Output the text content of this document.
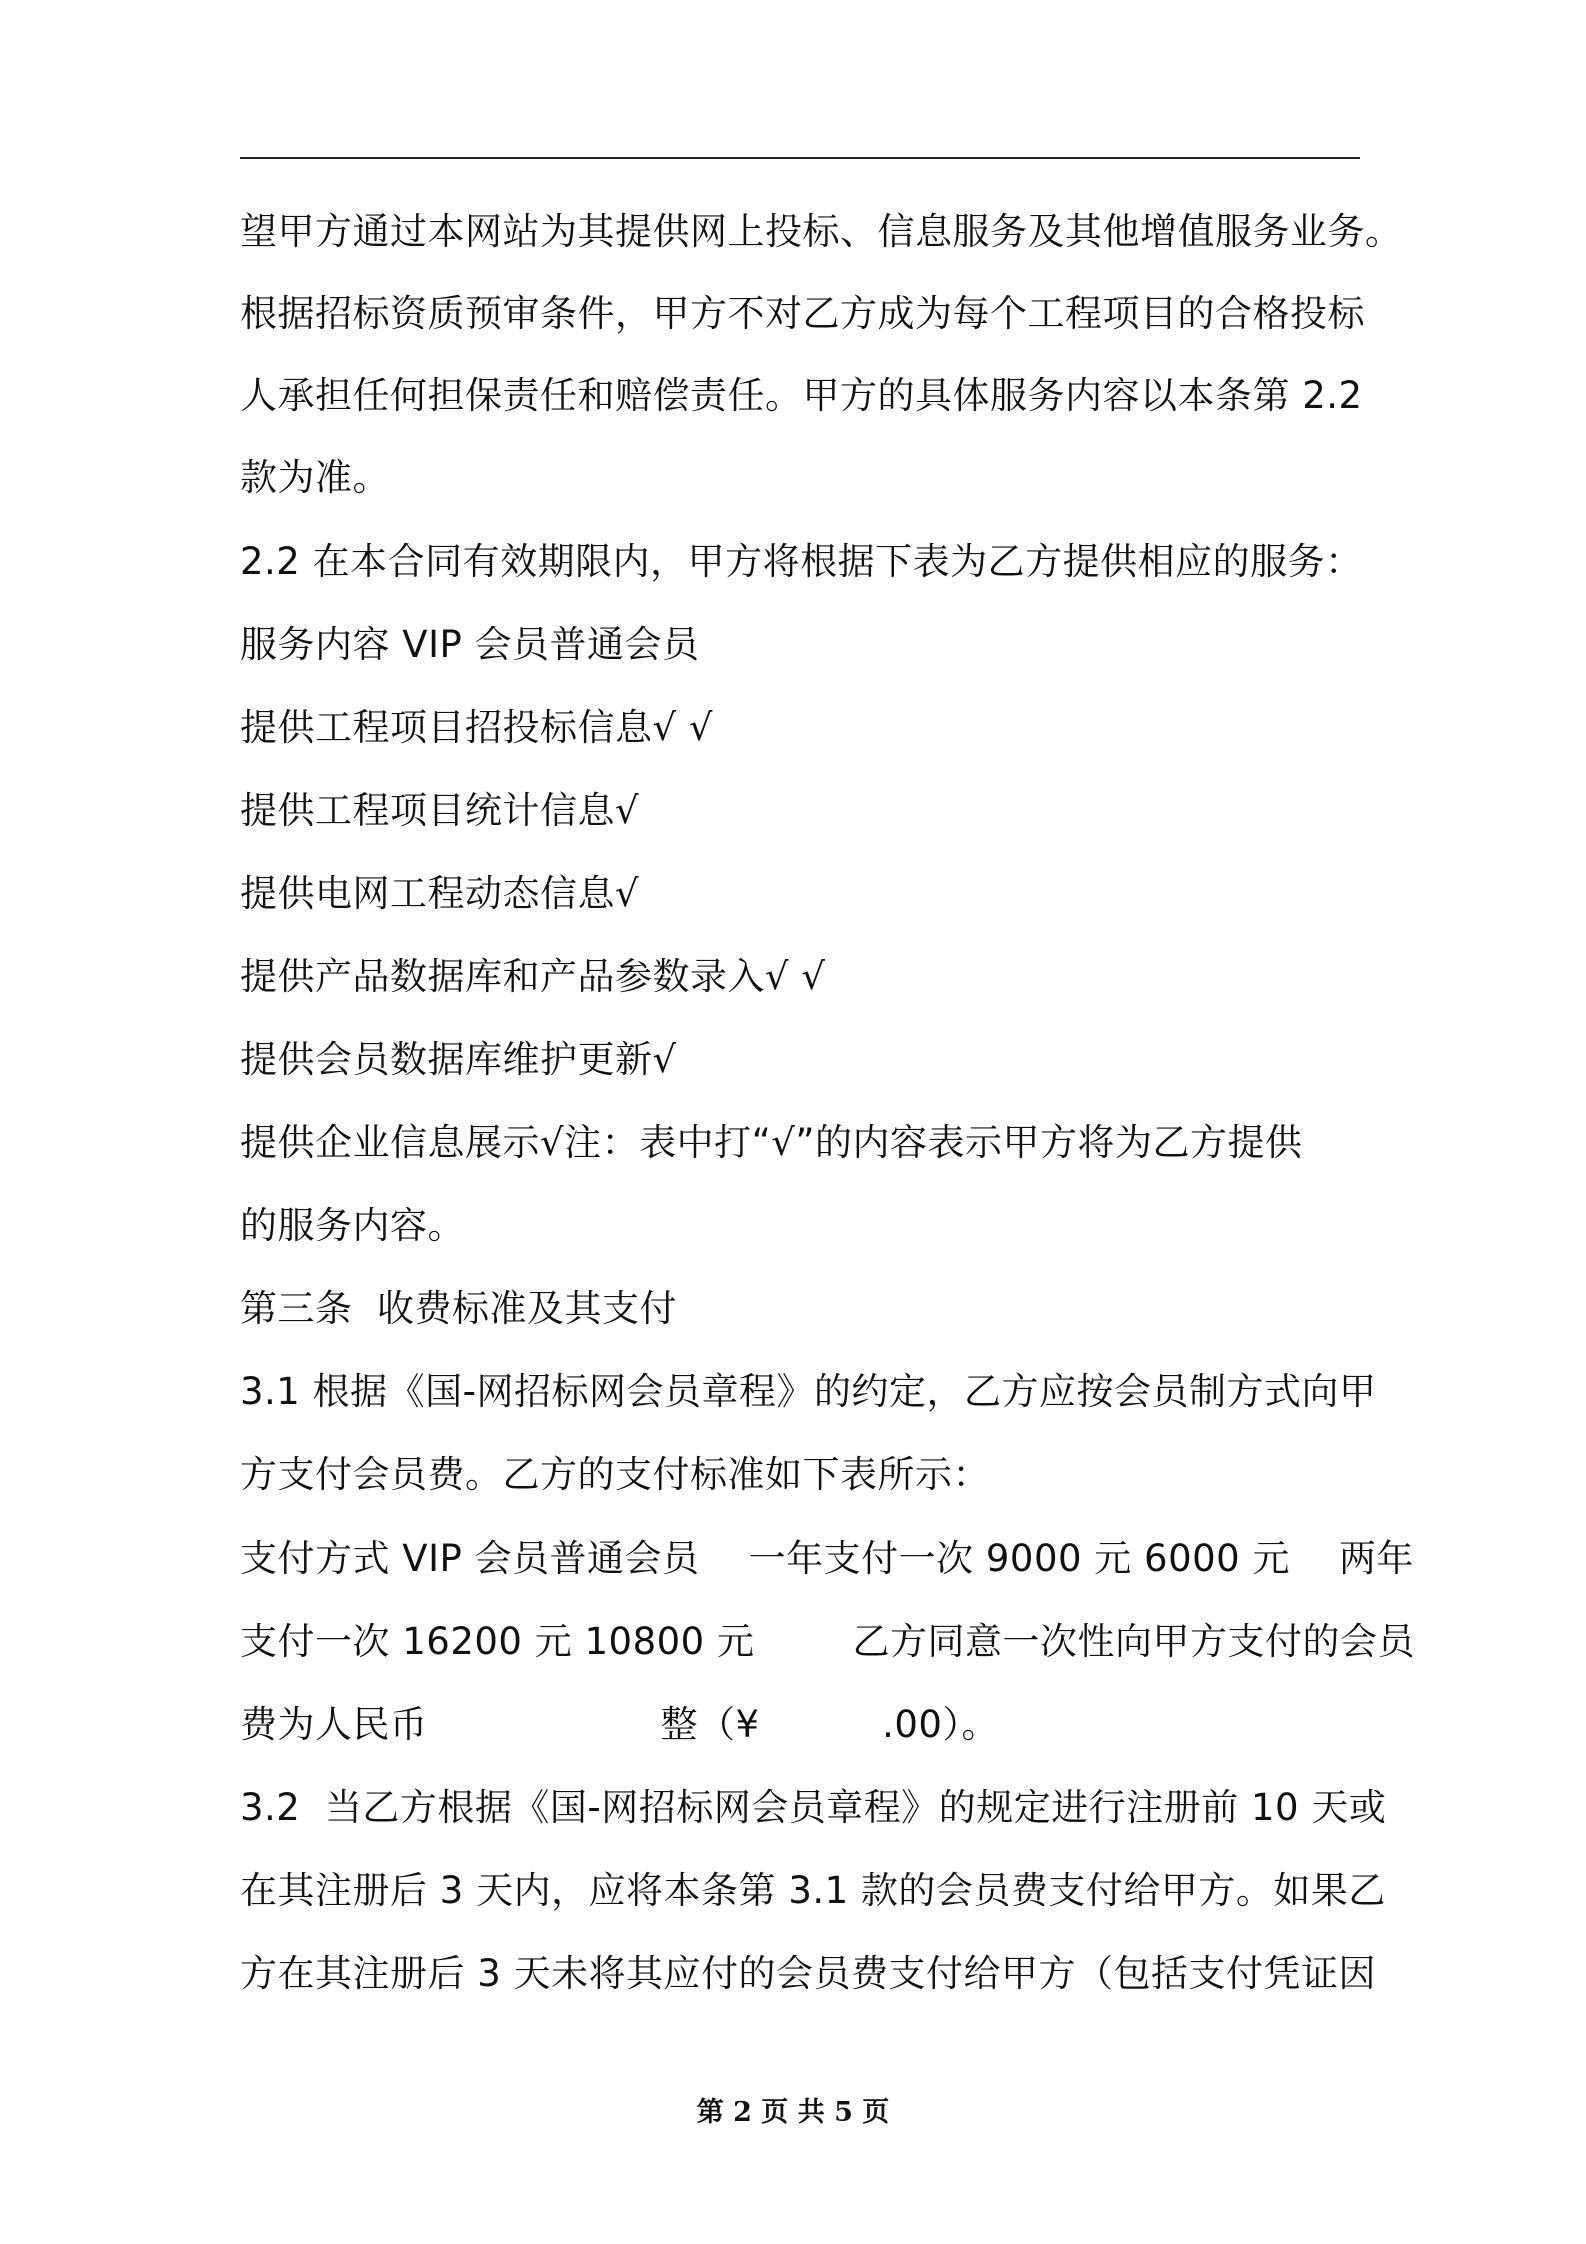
望甲方通过本网站为其提供网上投标、信息服务及其他增值服务业务。
根据招标资质预审条件，甲方不对乙方成为每个工程项目的合格投标
人承担任何担保责任和赔偿责任。甲方的具体服务内容以本条第 2.2
款为准。
2.2 在本合同有效期限内，甲方将根据下表为乙方提供相应的服务：
服务内容 VIP 会员普通会员
提供工程项目招投标信息√ √
提供工程项目统计信息√
提供电网工程动态信息√
提供产品数据库和产品参数录入√ √
提供会员数据库维护更新√
提供企业信息展示√注：表中打“√”的内容表示甲方将为乙方提供
的服务内容。
第三条  收费标准及其支付
3.1 根据《国-网招标网会员章程》的约定，乙方应按会员制方式向甲
方支付会员费。乙方的支付标准如下表所示：
支付方式 VIP 会员普通会员    一年支付一次 9000 元 6000 元    两年
支付一次 16200 元 10800 元        乙方同意一次性向甲方支付的会员
费为人民币                   整（¥          .00）。
3.2  当乙方根据《国-网招标网会员章程》的规定进行注册前 10 天或
在其注册后 3 天内，应将本条第 3.1 款的会员费支付给甲方。如果乙
方在其注册后 3 天未将其应付的会员费支付给甲方（包括支付凭证因
第 2 页 共 5 页
